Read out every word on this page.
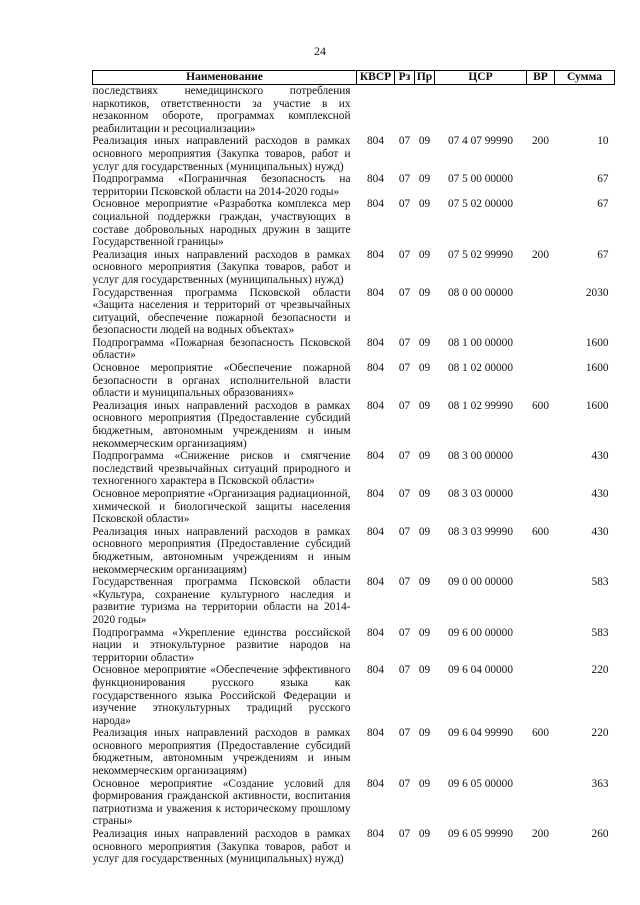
24
Наименование	КВСР	Рз	Пр	ЦСР	ВР	Сумма
последствиях немедицинского потребления наркотиков, ответственности за участие в их незаконном обороте, программах комплексной реабилитации и ресоциализации»						
Реализация иных направлений расходов в рамках основного мероприятия (Закупка товаров, работ и услуг для государственных (муниципальных) нужд)	804	07	09	07 4 07 99990	200	10
Подпрограмма «Пограничная безопасность на территории Псковской области на 2014-2020 годы»	804	07	09	07 5 00 00000		67
Основное мероприятие «Разработка комплекса мер социальной поддержки граждан, участвующих в составе добровольных народных дружин в защите Государственной границы»	804	07	09	07 5 02 00000		67
Реализация иных направлений расходов в рамках основного мероприятия (Закупка товаров, работ и услуг для государственных (муниципальных) нужд)	804	07	09	07 5 02 99990	200	67
Государственная программа Псковской области «Защита населения и территорий от чрезвычайных ситуаций, обеспечение пожарной безопасности и безопасности людей на водных объектах»	804	07	09	08 0 00 00000		2030
Подпрограмма «Пожарная безопасность Псковской области»	804	07	09	08 1 00 00000		1600
Основное мероприятие «Обеспечение пожарной безопасности в органах исполнительной власти области и муниципальных образованиях»	804	07	09	08 1 02 00000		1600
Реализация иных направлений расходов в рамках основного мероприятия (Предоставление субсидий бюджетным, автономным учреждениям и иным некоммерческим организациям)	804	07	09	08 1 02 99990	600	1600
Подпрограмма «Снижение рисков и смягчение последствий чрезвычайных ситуаций природного и техногенного характера в Псковской области»	804	07	09	08 3 00 00000		430
Основное мероприятие «Организация радиационной, химической и биологической защиты населения Псковской области»	804	07	09	08 3 03 00000		430
Реализация иных направлений расходов в рамках основного мероприятия (Предоставление субсидий бюджетным, автономным учреждениям и иным некоммерческим организациям)	804	07	09	08 3 03 99990	600	430
Государственная программа Псковской области «Культура, сохранение культурного наследия и развитие туризма на территории области на 2014-2020 годы»	804	07	09	09 0 00 00000		583
Подпрограмма «Укрепление единства российской нации и этнокультурное развитие народов на территории области»	804	07	09	09 6 00 00000		583
Основное мероприятие «Обеспечение эффективного функционирования русского языка как государственного языка Российской Федерации и изучение этнокультурных традиций русского народа»	804	07	09	09 6 04 00000		220
Реализация иных направлений расходов в рамках основного мероприятия (Предоставление субсидий бюджетным, автономным учреждениям и иным некоммерческим организациям)	804	07	09	09 6 04 99990	600	220
Основное мероприятие «Создание условий для формирования гражданской активности, воспитания патриотизма и уважения к историческому прошлому страны»	804	07	09	09 6 05 00000		363
Реализация иных направлений расходов в рамках основного мероприятия (Закупка товаров, работ и услуг для государственных (муниципальных) нужд)	804	07	09	09 6 05 99990	200	260
